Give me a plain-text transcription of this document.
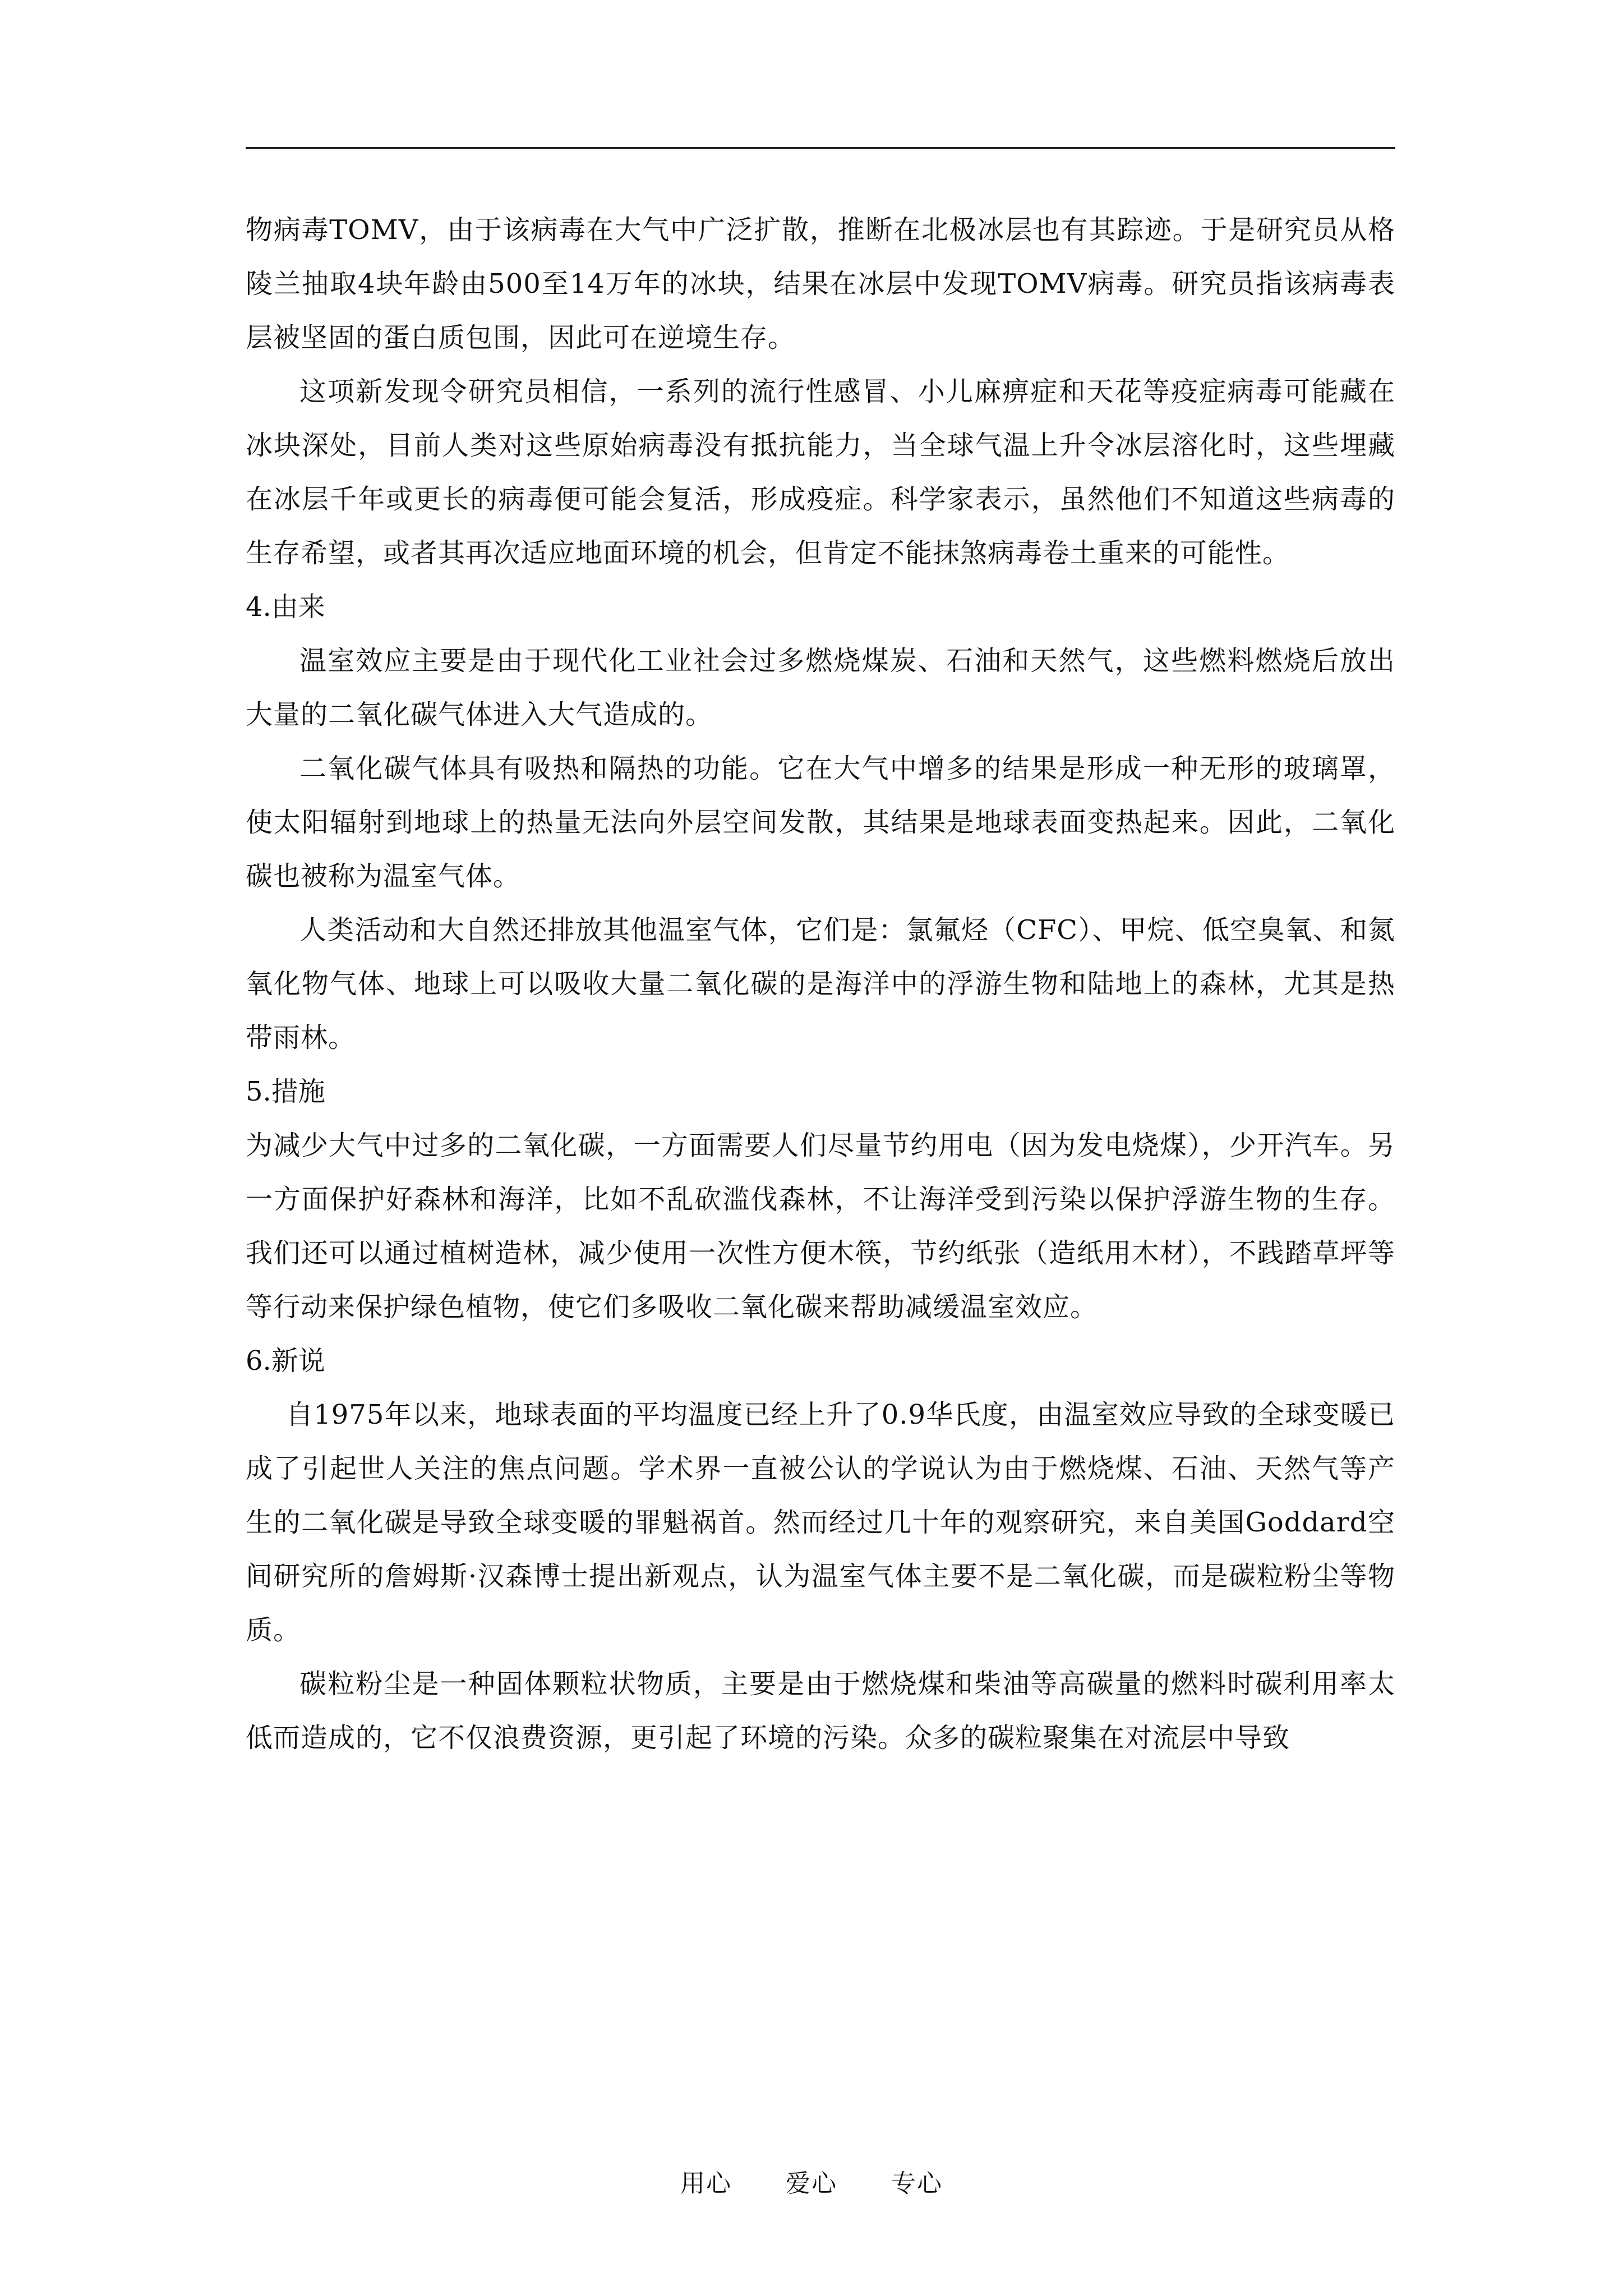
物病毒TOMV，由于该病毒在大气中广泛扩散，推断在北极冰层也有其踪迹。于是研究员从格陵兰抽取4块年龄由500至14万年的冰块，结果在冰层中发现TOMV病毒。研究员指该病毒表层被坚固的蛋白质包围，因此可在逆境生存。

这项新发现令研究员相信，一系列的流行性感冒、小儿麻痹症和天花等疫症病毒可能藏在冰块深处，目前人类对这些原始病毒没有抵抗能力，当全球气温上升令冰层溶化时，这些埋藏在冰层千年或更长的病毒便可能会复活，形成疫症。科学家表示，虽然他们不知道这些病毒的生存希望，或者其再次适应地面环境的机会，但肯定不能抹煞病毒卷土重来的可能性。

4.由来

温室效应主要是由于现代化工业社会过多燃烧煤炭、石油和天然气，这些燃料燃烧后放出大量的二氧化碳气体进入大气造成的。

二氧化碳气体具有吸热和隔热的功能。它在大气中增多的结果是形成一种无形的玻璃罩，使太阳辐射到地球上的热量无法向外层空间发散，其结果是地球表面变热起来。因此，二氧化碳也被称为温室气体。

人类活动和大自然还排放其他温室气体，它们是：氯氟烃（CFC）、甲烷、低空臭氧、和氮氧化物气体、地球上可以吸收大量二氧化碳的是海洋中的浮游生物和陆地上的森林，尤其是热带雨林。

5.措施

为减少大气中过多的二氧化碳，一方面需要人们尽量节约用电（因为发电烧煤），少开汽车。另一方面保护好森林和海洋，比如不乱砍滥伐森林，不让海洋受到污染以保护浮游生物的生存。我们还可以通过植树造林，减少使用一次性方便木筷，节约纸张（造纸用木材），不践踏草坪等等行动来保护绿色植物，使它们多吸收二氧化碳来帮助减缓温室效应。

6.新说

自1975年以来，地球表面的平均温度已经上升了0.9华氏度，由温室效应导致的全球变暖已 成了引起世人关注的焦点问题。学术界一直被公认的学说认为由于燃烧煤、石油、天然气等产生的二氧化碳是导致全球变暖的罪魁祸首。然而经过几十年的观察研究，来自美国Goddard空间研究所的詹姆斯·汉森博士提出新观点，认为温室气体主要不是二氧化碳，而是碳粒粉尘等物质。

碳粒粉尘是一种固体颗粒状物质，主要是由于燃烧煤和柴油等高碳量的燃料时碳利用率太低而造成的，它不仅浪费资源，更引起了环境的污染。众多的碳粒聚集在对流层中导致

用心 爱心 专心
